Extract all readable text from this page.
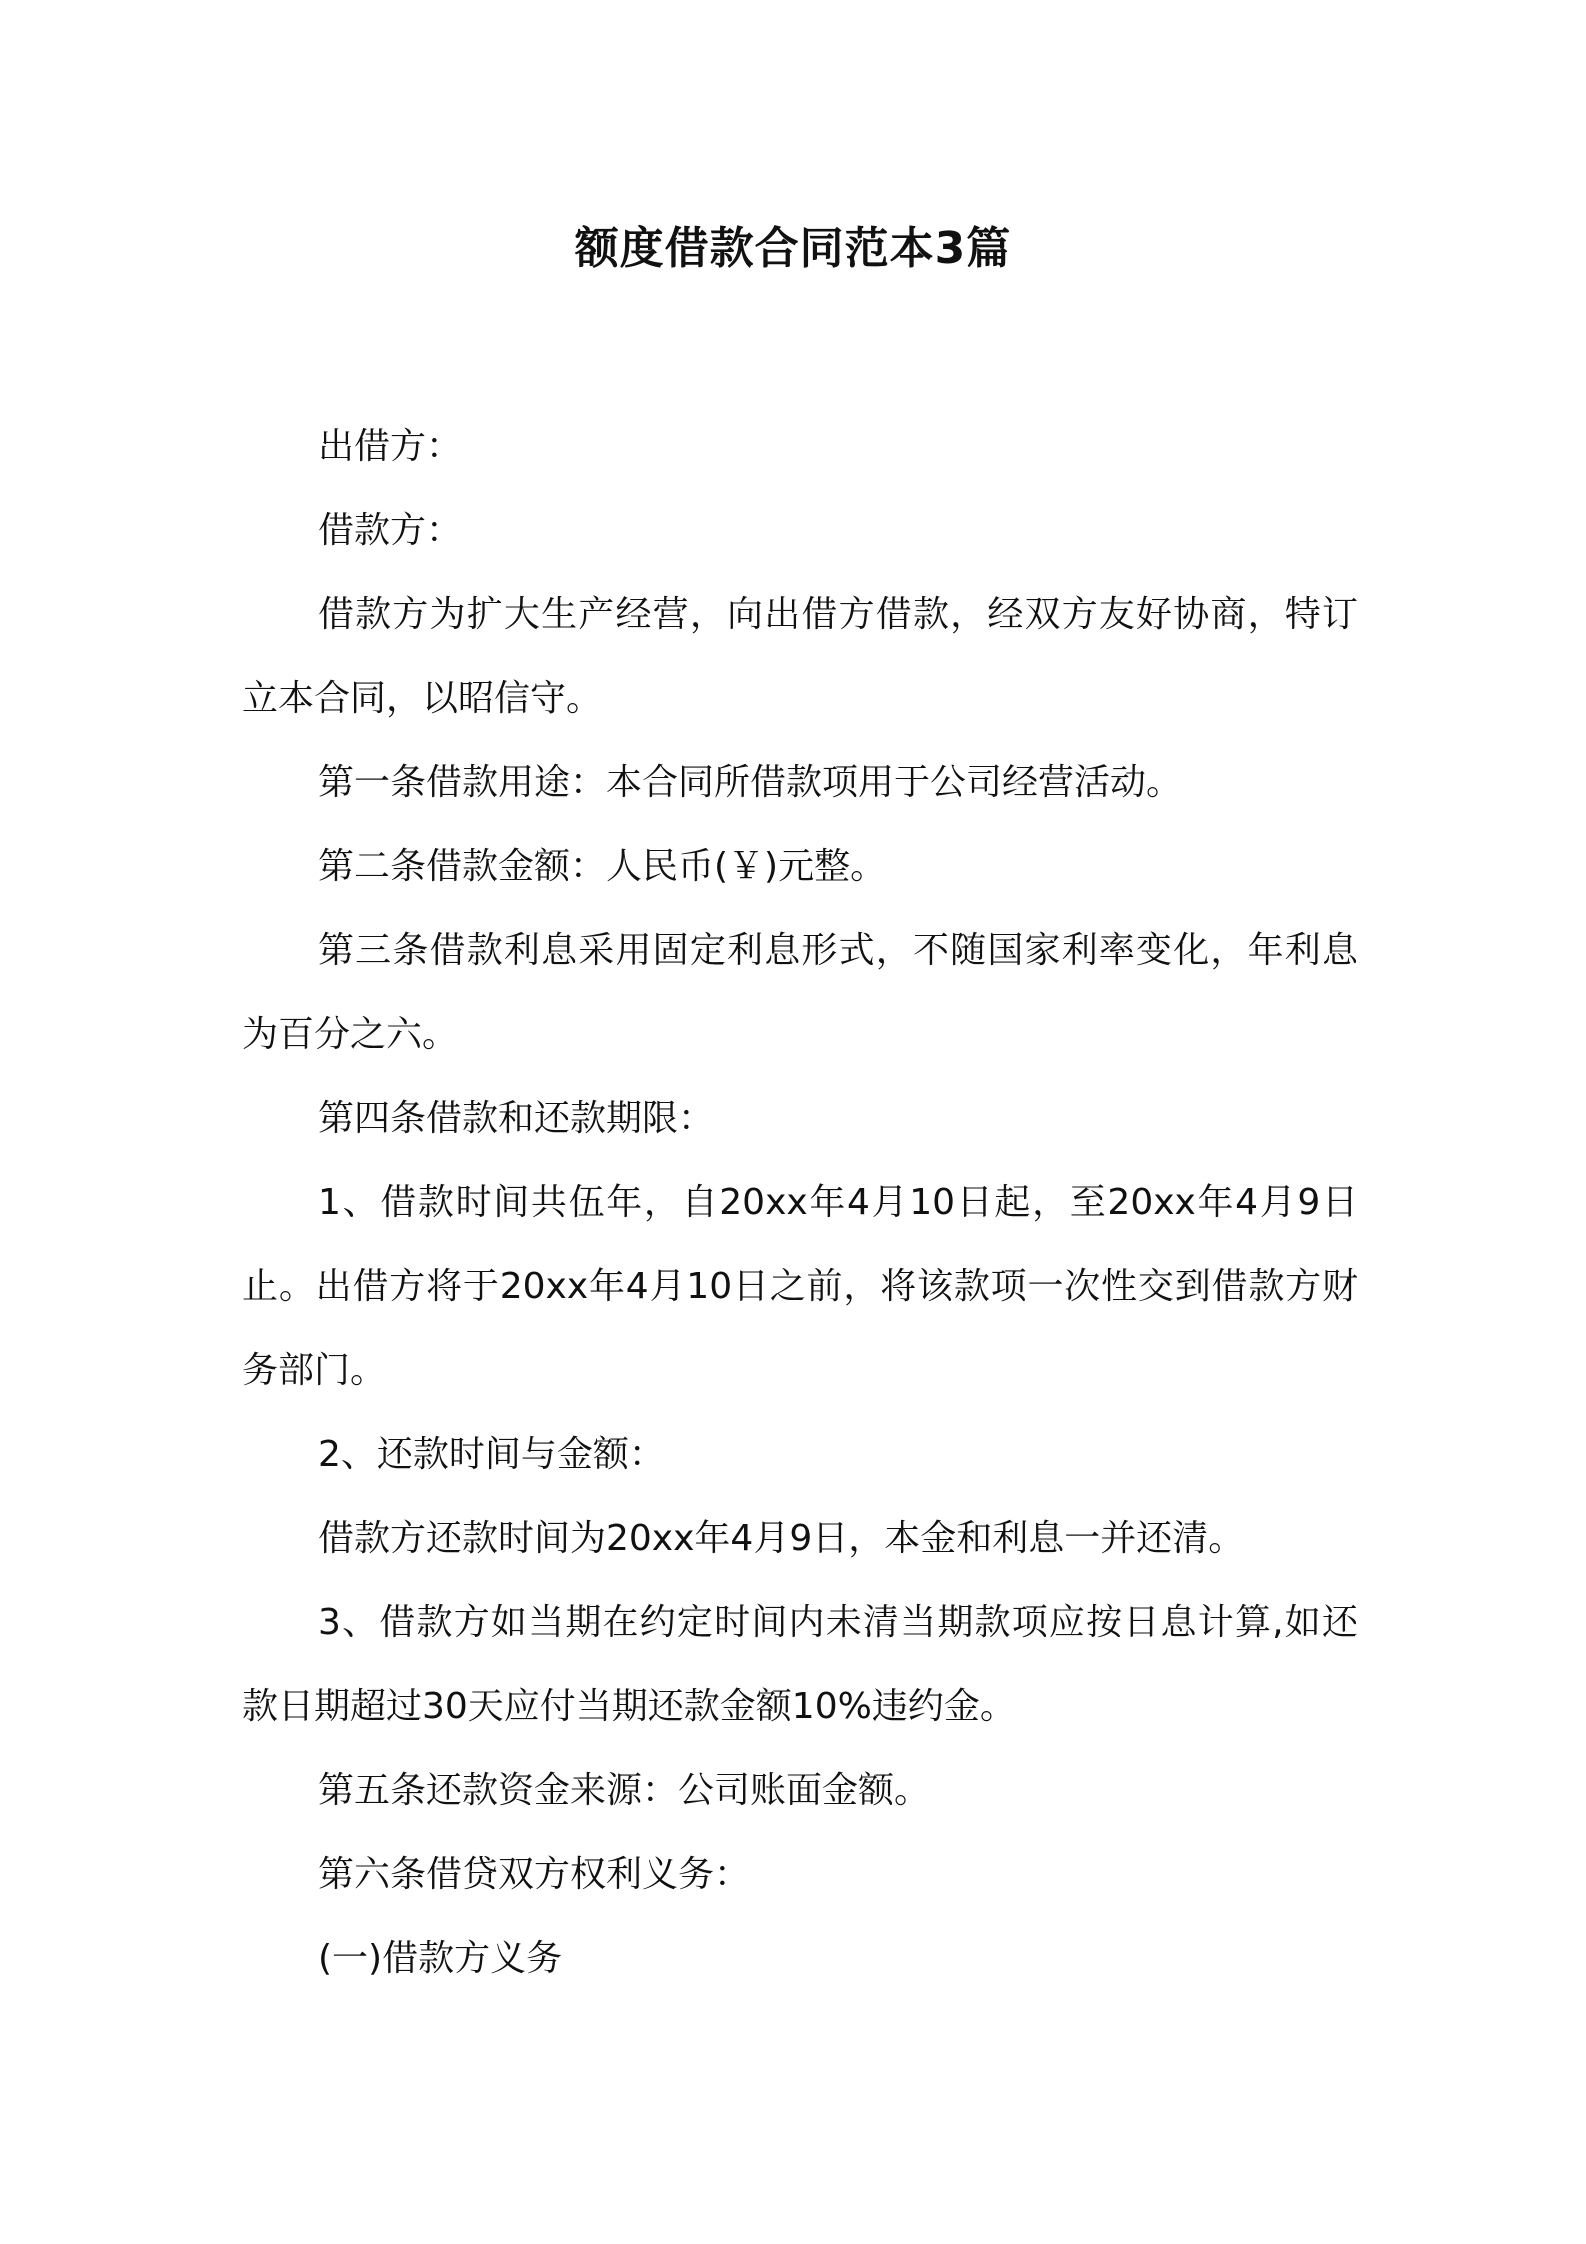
额度借款合同范本3篇

出借方：

借款方：

借款方为扩大生产经营，向出借方借款，经双方友好协商，特订立本合同，以昭信守。

第一条借款用途：本合同所借款项用于公司经营活动。

第二条借款金额：人民币(￥)元整。

第三条借款利息采用固定利息形式，不随国家利率变化，年利息为百分之六。

第四条借款和还款期限：

1、借款时间共伍年，自20xx年4月10日起，至20xx年4月9日止。出借方将于20xx年4月10日之前，将该款项一次性交到借款方财务部门。

2、还款时间与金额：

借款方还款时间为20xx年4月9日，本金和利息一并还清。

3、借款方如当期在约定时间内未清当期款项应按日息计算,如还款日期超过30天应付当期还款金额10%违约金。

第五条还款资金来源：公司账面金额。

第六条借贷双方权利义务：

(一)借款方义务
